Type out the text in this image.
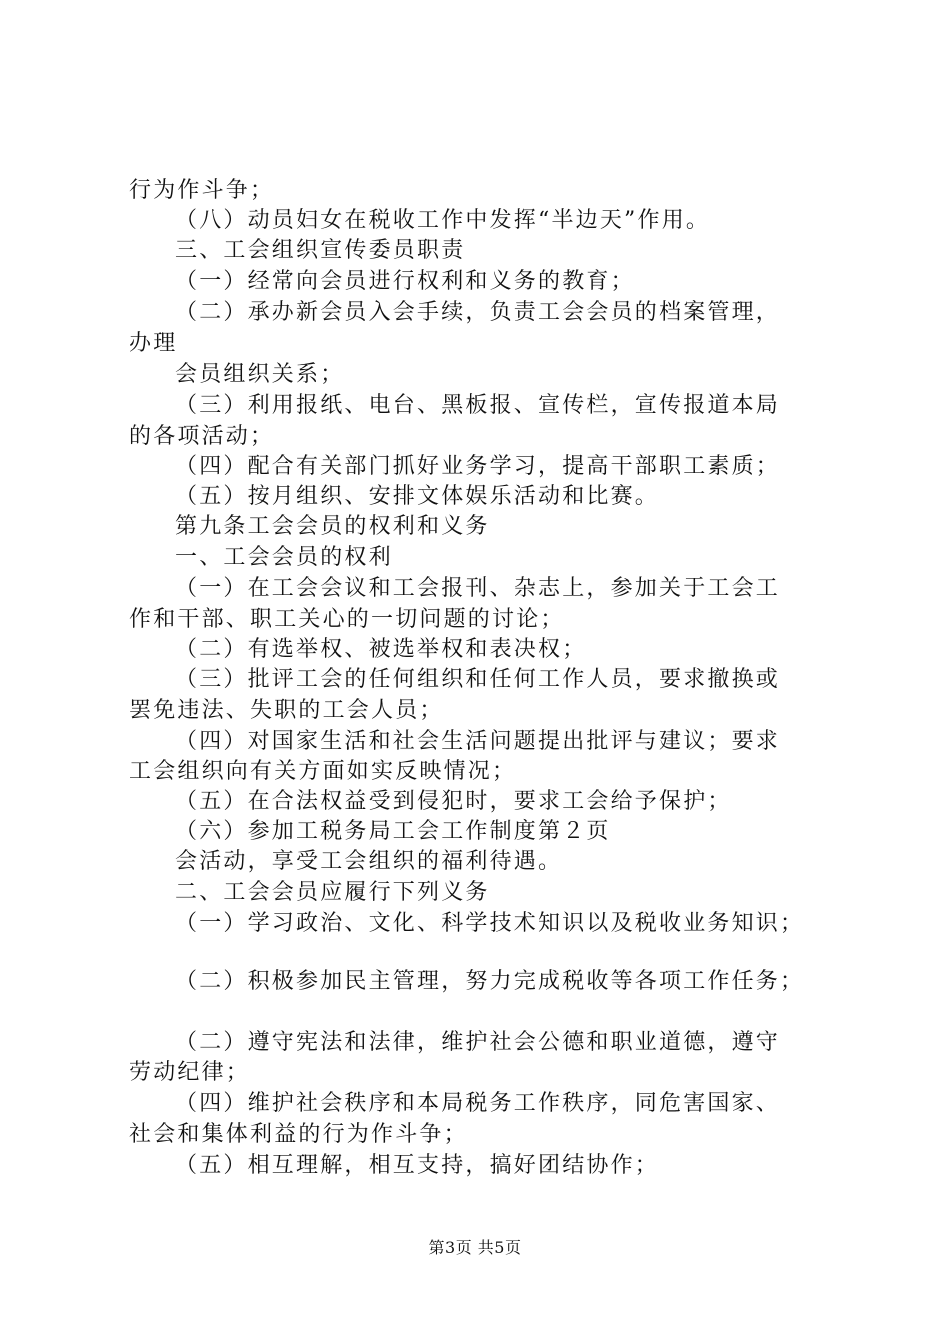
行为作斗争；
（八）动员妇女在税收工作中发挥“半边天”作用。
三、工会组织宣传委员职责
（一）经常向会员进行权利和义务的教育；
（二）承办新会员入会手续，负责工会会员的档案管理，
办理
会员组织关系；
（三）利用报纸、电台、黑板报、宣传栏，宣传报道本局
的各项活动；
（四）配合有关部门抓好业务学习，提高干部职工素质；
（五）按月组织、安排文体娱乐活动和比赛。
第九条工会会员的权利和义务
一、工会会员的权利
（一）在工会会议和工会报刊、杂志上，参加关于工会工
作和干部、职工关心的一切问题的讨论；
（二）有选举权、被选举权和表决权；
（三）批评工会的任何组织和任何工作人员，要求撤换或
罢免违法、失职的工会人员；
（四）对国家生活和社会生活问题提出批评与建议；要求
工会组织向有关方面如实反映情况；
（五）在合法权益受到侵犯时，要求工会给予保护；
（六）参加工税务局工会工作制度第２页
会活动，享受工会组织的福利待遇。
二、工会会员应履行下列义务
（一）学习政治、文化、科学技术知识以及税收业务知识；
（二）积极参加民主管理，努力完成税收等各项工作任务；
（二）遵守宪法和法律，维护社会公德和职业道德，遵守
劳动纪律；
（四）维护社会秩序和本局税务工作秩序，同危害国家、
社会和集体利益的行为作斗争；
（五）相互理解，相互支持，搞好团结协作；
第3页 共5页
